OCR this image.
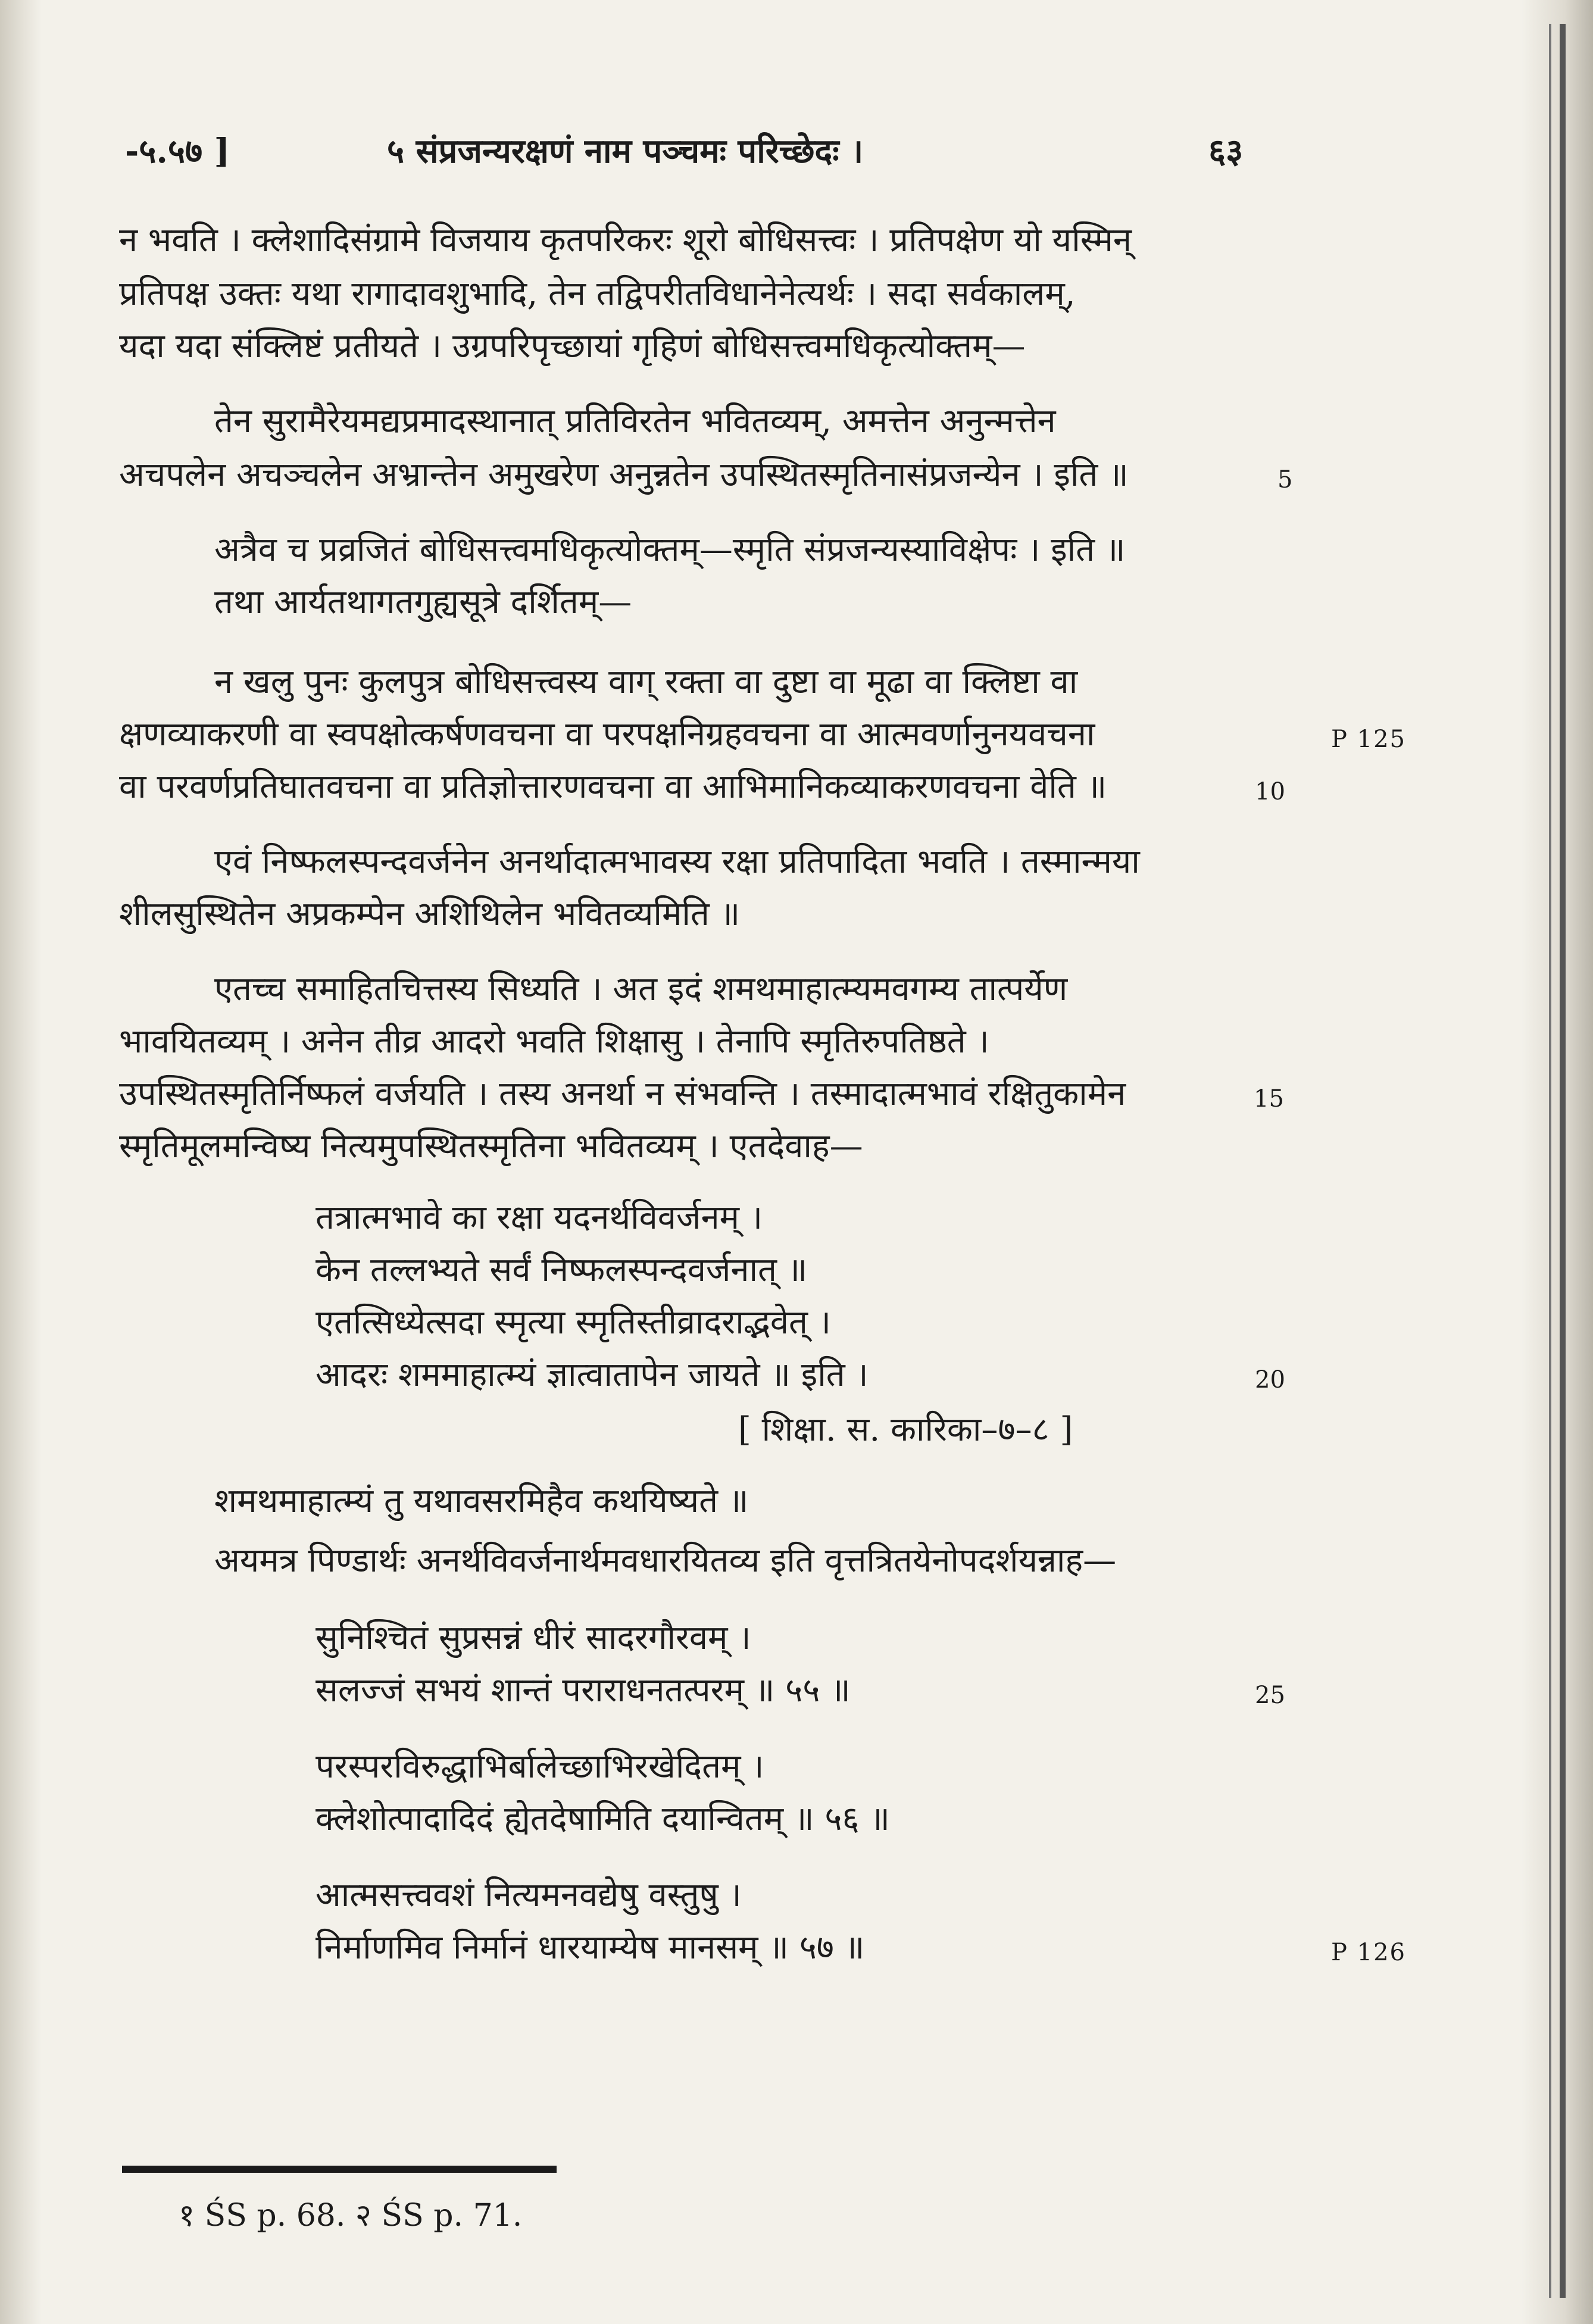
-५.५७ ]	५ संप्रजन्यरक्षणं नाम पञ्चमः परिच्छेदः ।	६३
न भवति । क्लेशादिसंग्रामे विजयाय कृतपरिकरः शूरो बोधिसत्त्वः । प्रतिपक्षेण यो यस्मिन्
प्रतिपक्ष उक्तः यथा रागादावशुभादि, तेन तद्विपरीतविधानेनेत्यर्थः । सदा सर्वकालम्,
यदा यदा संक्लिष्टं प्रतीयते । उग्रपरिपृच्छायां गृहिणं बोधिसत्त्वमधिकृत्योक्तम्—
तेन सुरामैरेयमद्यप्रमादस्थानात् प्रतिविरतेन भवितव्यम्, अमत्तेन अनुन्मत्तेन
अचपलेन अचञ्चलेन अभ्रान्तेन अमुखरेण अनुन्नतेन उपस्थितस्मृतिनासंप्रजन्येन । इति ॥
अत्रैव च प्रव्रजितं बोधिसत्त्वमधिकृत्योक्तम्—स्मृति संप्रजन्यस्याविक्षेपः । इति ॥
तथा आर्यतथागतगुह्यसूत्रे दर्शितम्—
न खलु पुनः कुलपुत्र बोधिसत्त्वस्य वाग् रक्ता वा दुष्टा वा मूढा वा क्लिष्टा वा
क्षणव्याकरणी वा स्वपक्षोत्कर्षणवचना वा परपक्षनिग्रहवचना वा आत्मवर्णानुनयवचना
वा परवर्णप्रतिघातवचना वा प्रतिज्ञोत्तारणवचना वा आभिमानिकव्याकरणवचना वेति ॥
एवं निष्फलस्पन्दवर्जनेन अनर्थादात्मभावस्य रक्षा प्रतिपादिता भवति । तस्मान्मया
शीलसुस्थितेन अप्रकम्पेन अशिथिलेन भवितव्यमिति ॥
एतच्च समाहितचित्तस्य सिध्यति । अत इदं शमथमाहात्म्यमवगम्य तात्पर्येण
भावयितव्यम् । अनेन तीव्र आदरो भवति शिक्षासु । तेनापि स्मृतिरुपतिष्ठते ।
उपस्थितस्मृतिर्निष्फलं वर्जयति । तस्य अनर्था न संभवन्ति । तस्मादात्मभावं रक्षितुकामेन
स्मृतिमूलमन्विष्य नित्यमुपस्थितस्मृतिना भवितव्यम् । एतदेवाह—
तत्रात्मभावे का रक्षा यदनर्थविवर्जनम् ।
केन तल्लभ्यते सर्वं निष्फलस्पन्दवर्जनात् ॥
एतत्सिध्येत्सदा स्मृत्या स्मृतिस्तीव्रादराद्भवेत् ।
आदरः शममाहात्म्यं ज्ञात्वातापेन जायते ॥ इति ।
[ शिक्षा. स. कारिका–७–८ ]
शमथमाहात्म्यं तु यथावसरमिहैव कथयिष्यते ॥
अयमत्र पिण्डार्थः अनर्थविवर्जनार्थमवधारयितव्य इति वृत्तत्रितयेनोपदर्शयन्नाह—
सुनिश्चितं सुप्रसन्नं धीरं सादरगौरवम् ।
सलज्जं सभयं शान्तं पराराधनतत्परम् ॥ ५५ ॥
परस्परविरुद्धाभिर्बालेच्छाभिरखेदितम् ।
क्लेशोत्पादादिदं ह्येतदेषामिति दयान्वितम् ॥ ५६ ॥
आत्मसत्त्ववशं नित्यमनवद्येषु वस्तुषु ।
निर्माणमिव निर्मानं धारयाम्येष मानसम् ॥ ५७ ॥
5
10
15
20
25
P 125
P 126
१ ŚS p. 68. २ ŚS p. 71.
